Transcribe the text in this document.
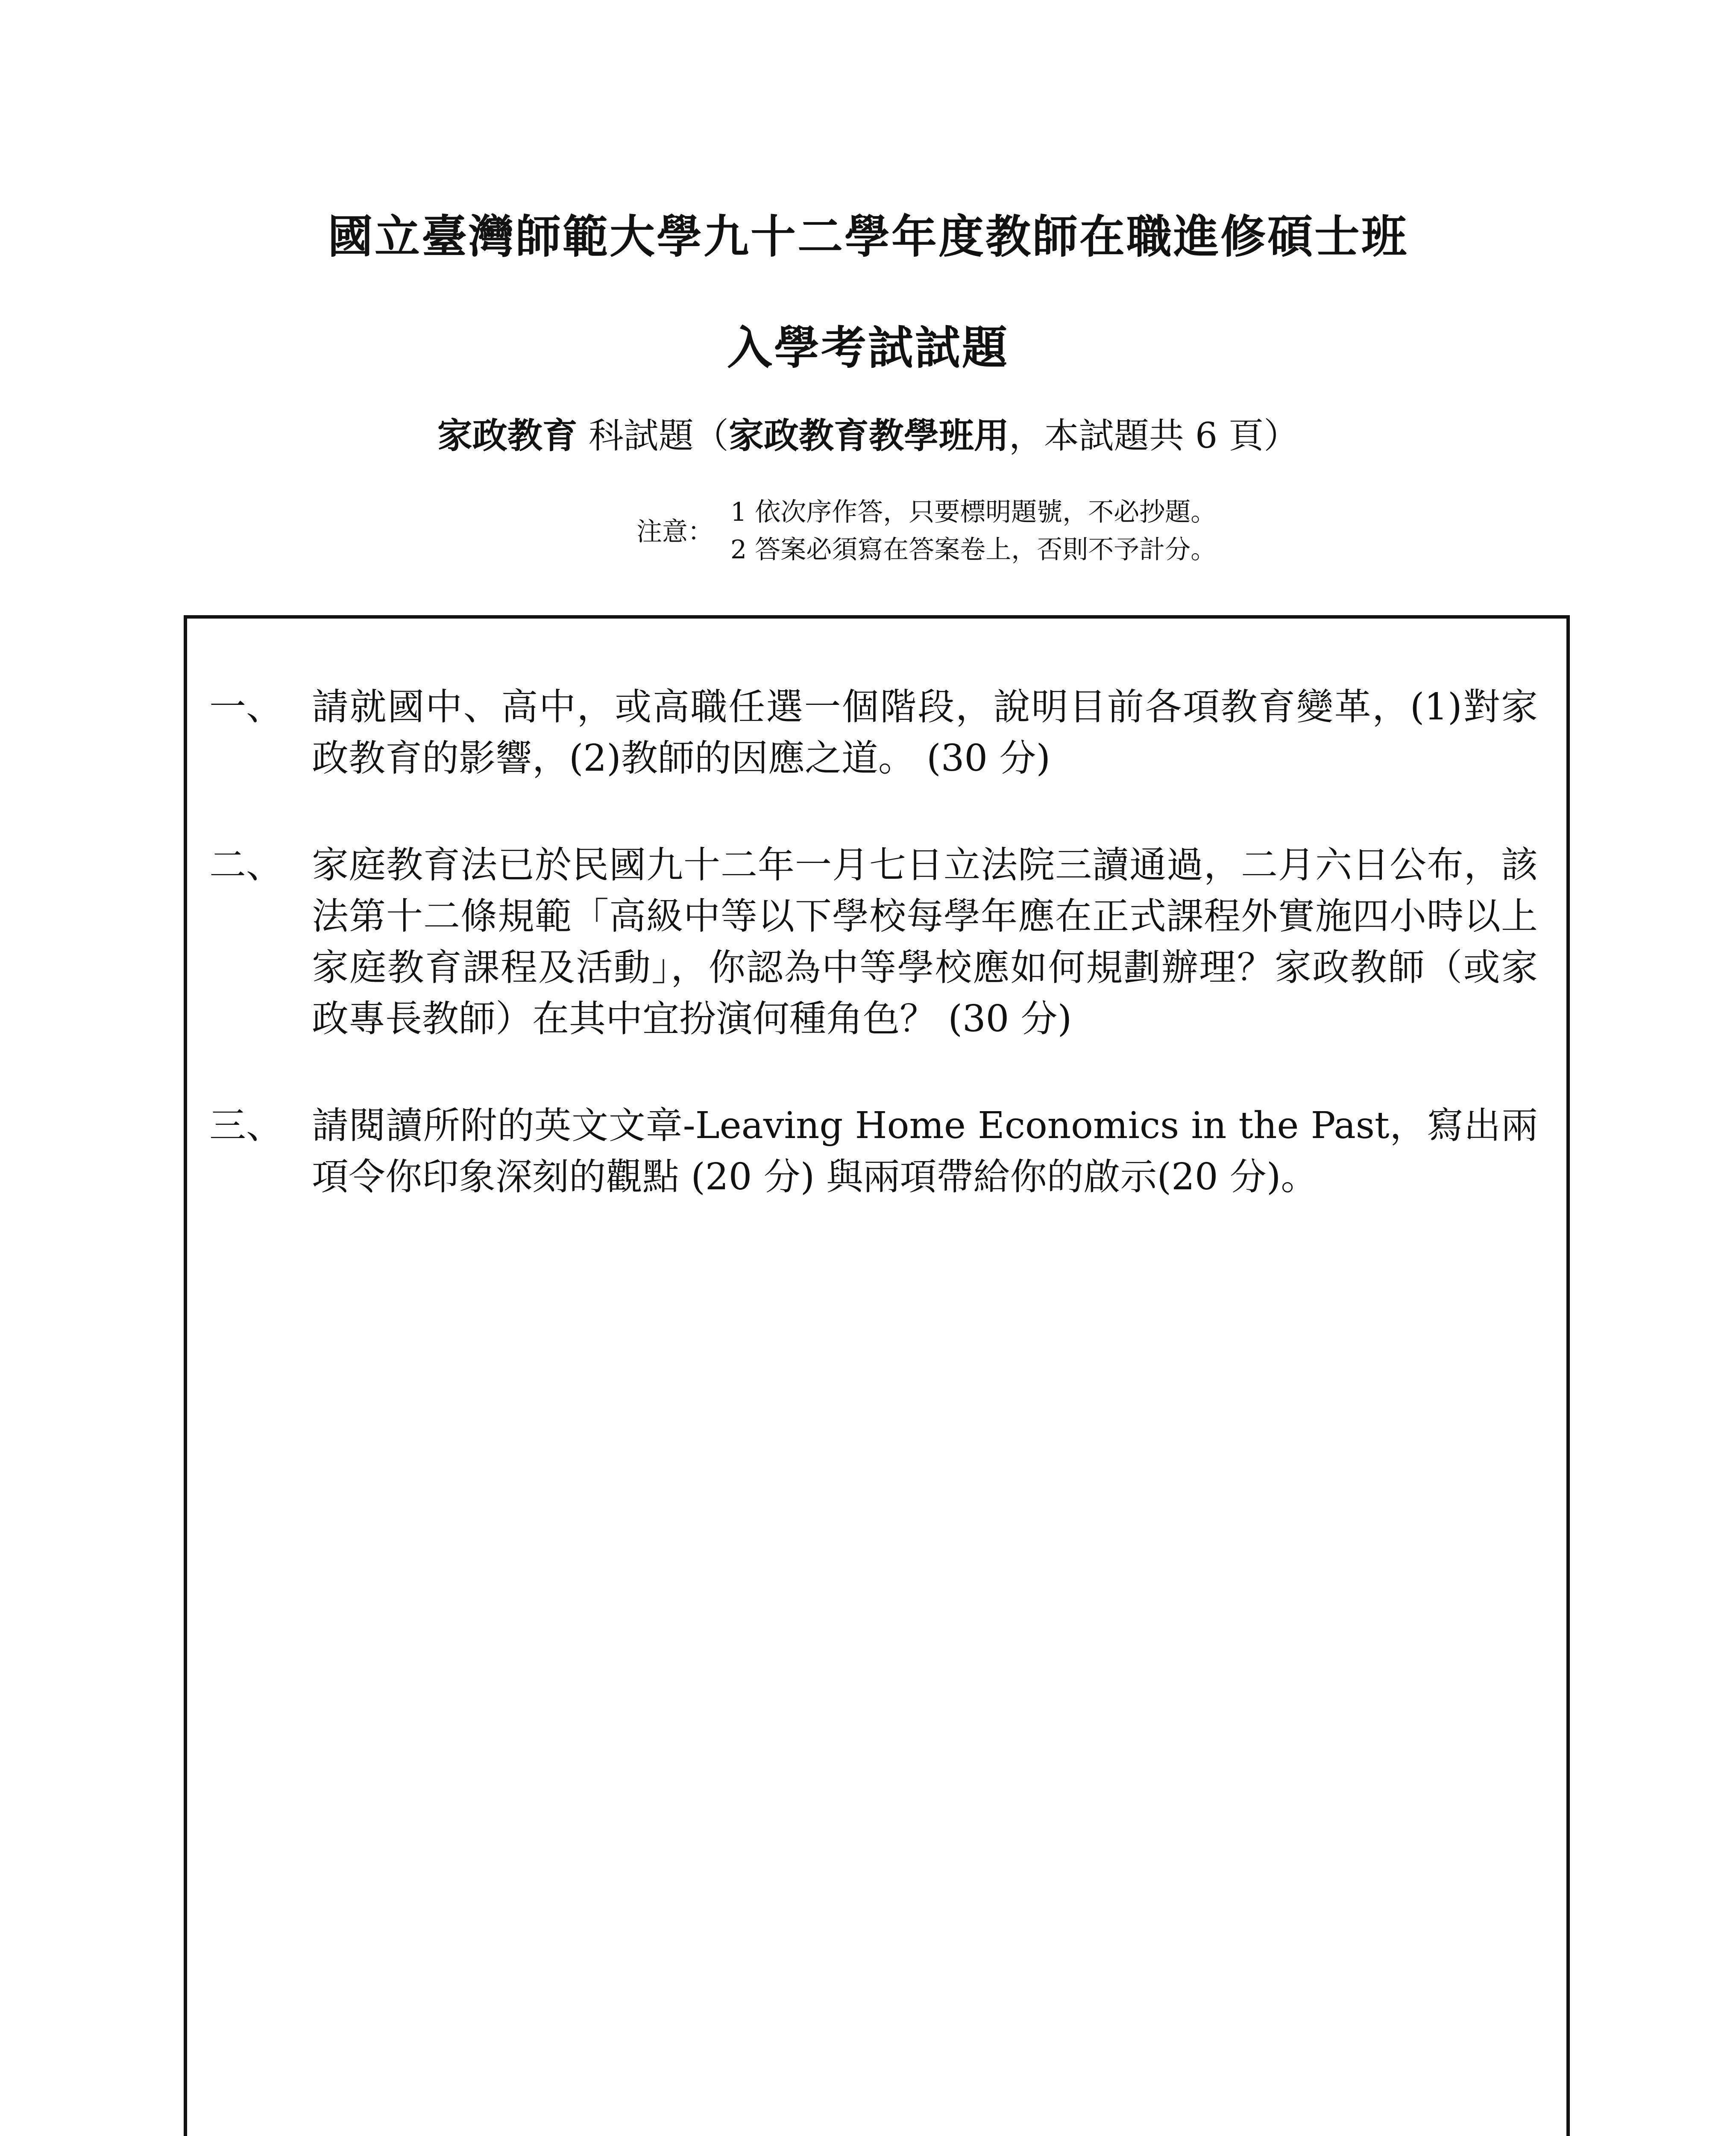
國立臺灣師範大學九十二學年度教師在職進修碩士班
入學考試試題
家政教育 科試題（家政教育教學班用，本試題共 6 頁）
注意：
1 依次序作答，只要標明題號，不必抄題。
2 答案必須寫在答案卷上，否則不予計分。
一、 請就國中、高中，或高職任選一個階段，說明目前各項教育變革，(1)對家政教育的影響，(2)教師的因應之道。 (30 分)
二、 家庭教育法已於民國九十二年一月七日立法院三讀通過，二月六日公布，該法第十二條規範「高級中等以下學校每學年應在正式課程外實施四小時以上家庭教育課程及活動」，你認為中等學校應如何規劃辦理？家政教師（或家政專長教師）在其中宜扮演何種角色？ (30 分)
三、 請閱讀所附的英文文章-Leaving Home Economics in the Past，寫出兩項令你印象深刻的觀點 (20 分) 與兩項帶給你的啟示(20 分)。
